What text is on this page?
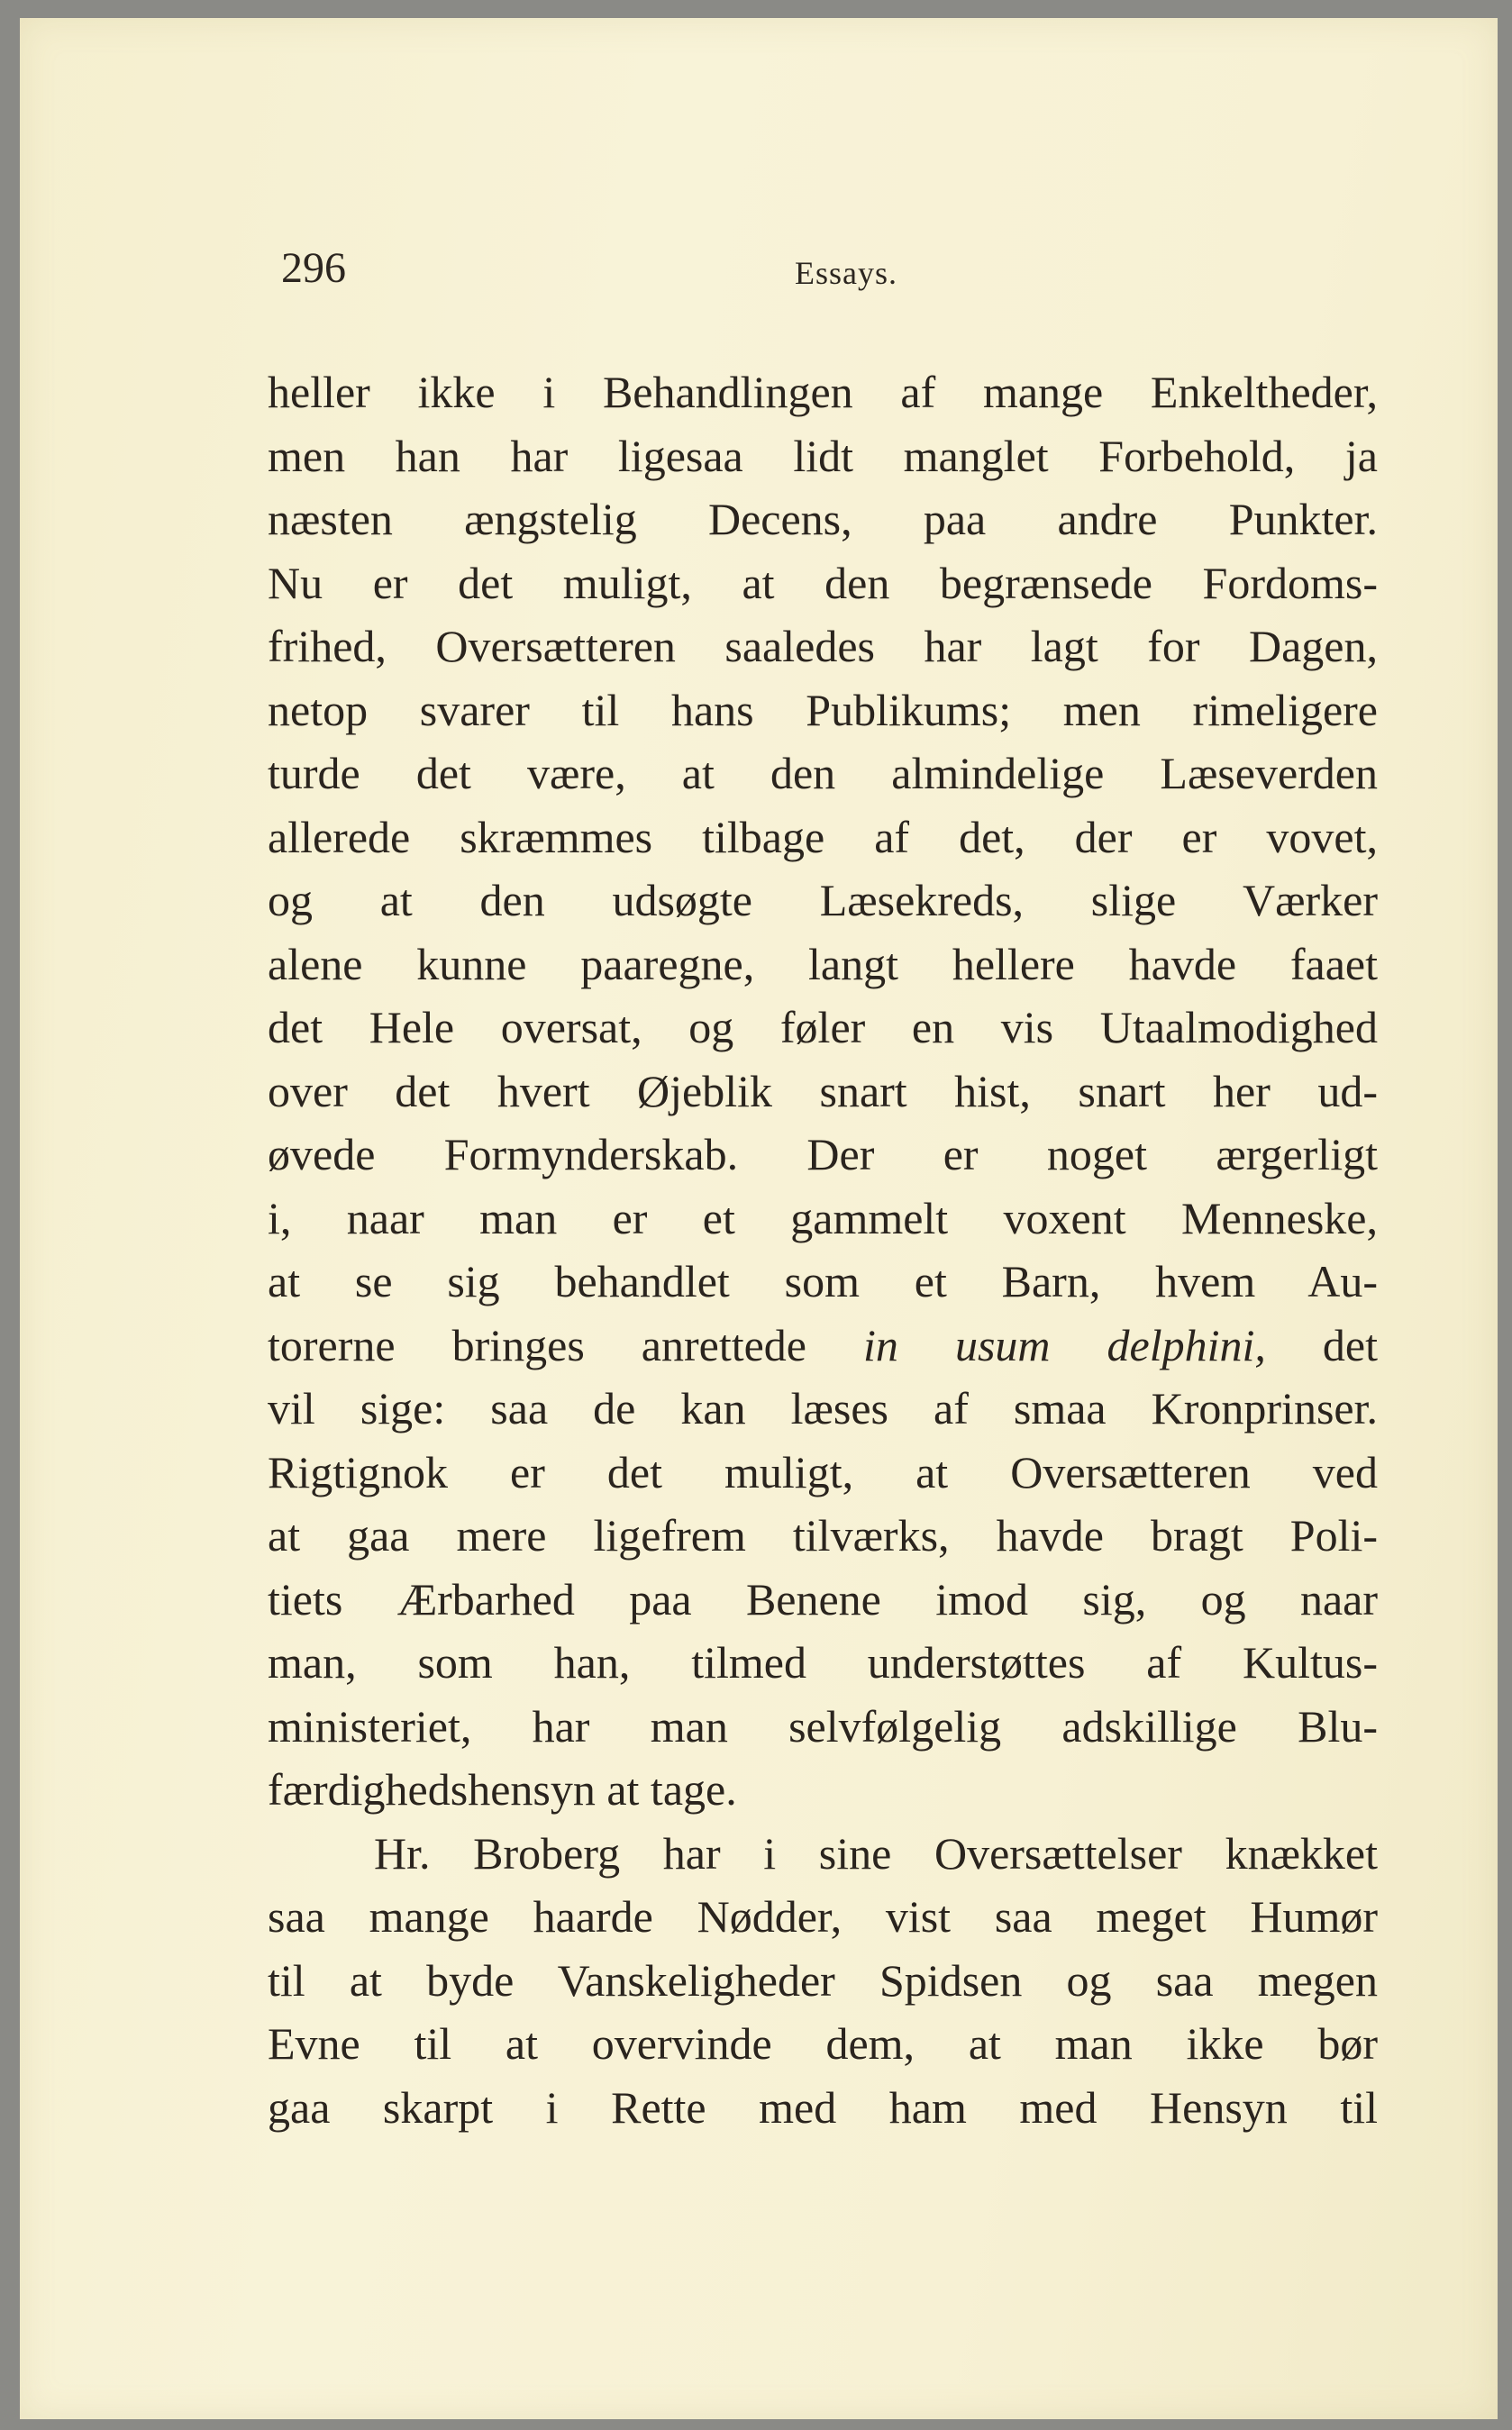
296	Essays.
heller ikke i Behandlingen af mange Enkeltheder,
men han har ligesaa lidt manglet Forbehold, ja
næsten ængstelig Decens, paa andre Punkter.
Nu er det muligt, at den begrænsede Fordoms-
frihed, Oversætteren saaledes har lagt for Dagen,
netop svarer til hans Publikums; men rimeligere
turde det være, at den almindelige Læseverden
allerede skræmmes tilbage af det, der er vovet,
og at den udsøgte Læsekreds, slige Værker
alene kunne paaregne, langt hellere havde faaet
det Hele oversat, og føler en vis Utaalmodighed
over det hvert Øjeblik snart hist, snart her ud-
øvede Formynderskab. Der er noget ærgerligt
i, naar man er et gammelt voxent Menneske,
at se sig behandlet som et Barn, hvem Au-
torerne bringes anrettede in usum delphini, det
vil sige: saa de kan læses af smaa Kronprinser.
Rigtignok er det muligt, at Oversætteren ved
at gaa mere ligefrem tilværks, havde bragt Poli-
tiets Ærbarhed paa Benene imod sig, og naar
man, som han, tilmed understøttes af Kultus-
ministeriet, har man selvfølgelig adskillige Blu-
færdighedshensyn at tage.
Hr. Broberg har i sine Oversættelser knækket
saa mange haarde Nødder, vist saa meget Humør
til at byde Vanskeligheder Spidsen og saa megen
Evne til at overvinde dem, at man ikke bør
gaa skarpt i Rette med ham med Hensyn til
